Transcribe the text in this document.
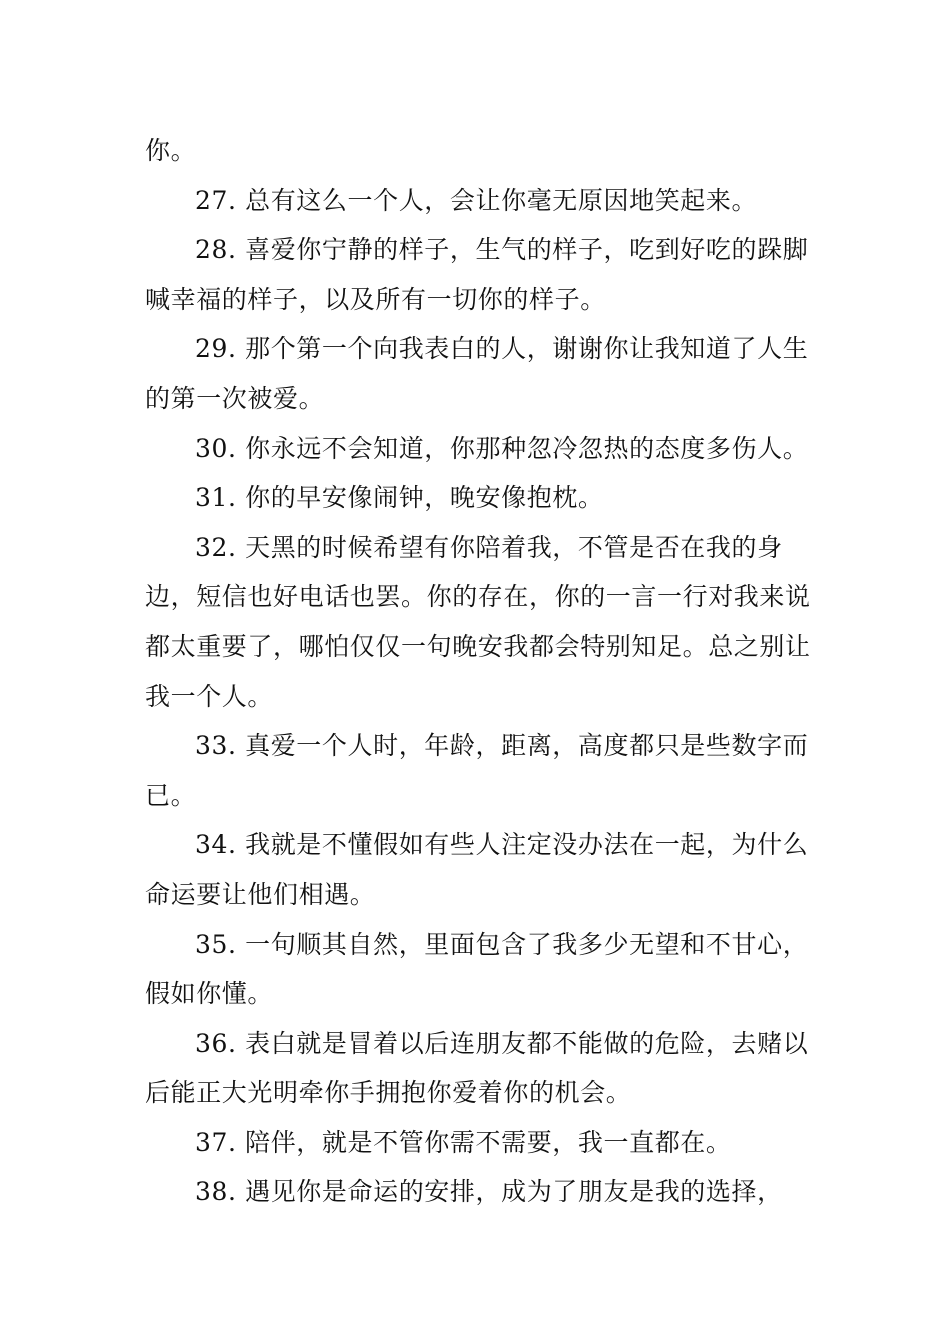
你。

27. 总有这么一个人，会让你毫无原因地笑起来。

28. 喜爱你宁静的样子，生气的样子，吃到好吃的跺脚喊幸福的样子，以及所有一切你的样子。

29. 那个第一个向我表白的人，谢谢你让我知道了人生的第一次被爱。

30. 你永远不会知道，你那种忽冷忽热的态度多伤人。

31. 你的早安像闹钟，晚安像抱枕。

32. 天黑的时候希望有你陪着我，不管是否在我的身边，短信也好电话也罢。你的存在，你的一言一行对我来说都太重要了，哪怕仅仅一句晚安我都会特别知足。总之别让我一个人。

33. 真爱一个人时，年龄，距离，高度都只是些数字而已。

34. 我就是不懂假如有些人注定没办法在一起，为什么命运要让他们相遇。

35. 一句顺其自然，里面包含了我多少无望和不甘心，假如你懂。

36. 表白就是冒着以后连朋友都不能做的危险，去赌以后能正大光明牵你手拥抱你爱着你的机会。

37. 陪伴，就是不管你需不需要，我一直都在。

38. 遇见你是命运的安排，成为了朋友是我的选择，
